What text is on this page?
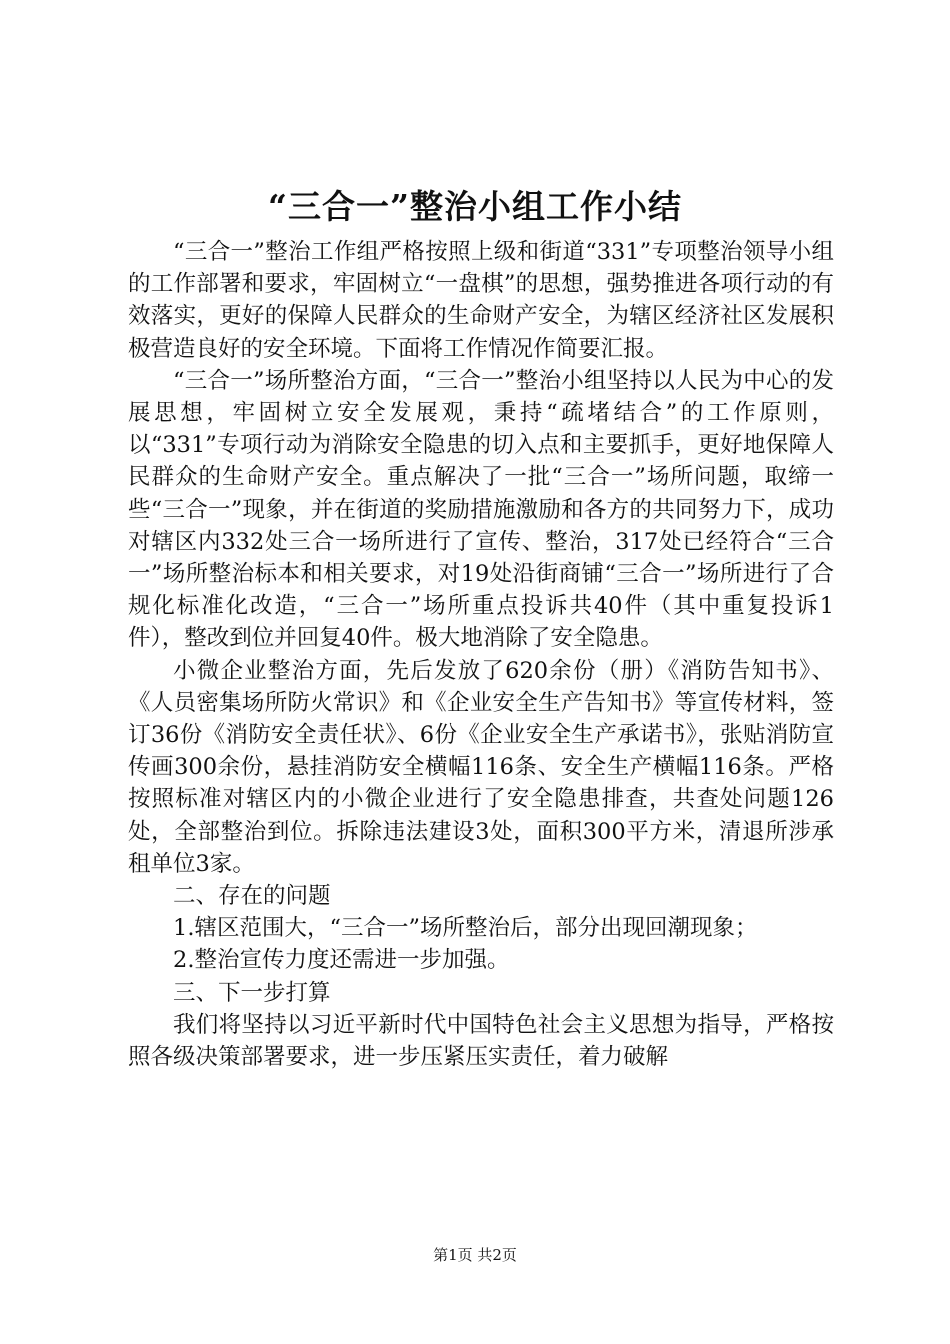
“三合一”整治小组工作小结

“三合一”整治工作组严格按照上级和街道“331”专项整治领导小组的工作部署和要求，牢固树立“一盘棋”的思想，强势推进各项行动的有效落实，更好的保障人民群众的生命财产安全，为辖区经济社区发展积极营造良好的安全环境。下面将工作情况作简要汇报。

“三合一”场所整治方面，“三合一”整治小组坚持以人民为中心的发展思想，牢固树立安全发展观，秉持“疏堵结合”的工作原则，以“331”专项行动为消除安全隐患的切入点和主要抓手，更好地保障人民群众的生命财产安全。重点解决了一批“三合一”场所问题，取缔一些“三合一”现象，并在街道的奖励措施激励和各方的共同努力下，成功对辖区内332处三合一场所进行了宣传、整治，317处已经符合“三合一”场所整治标本和相关要求，对19处沿街商铺“三合一”场所进行了合规化标准化改造，“三合一”场所重点投诉共40件（其中重复投诉1件），整改到位并回复40件。极大地消除了安全隐患。

小微企业整治方面，先后发放了620余份（册）《消防告知书》、《人员密集场所防火常识》和《企业安全生产告知书》等宣传材料，签订36份《消防安全责任状》、6份《企业安全生产承诺书》，张贴消防宣传画300余份，悬挂消防安全横幅116条、安全生产横幅116条。严格按照标准对辖区内的小微企业进行了安全隐患排查，共查处问题126处，全部整治到位。拆除违法建设3处，面积300平方米，清退所涉承租单位3家。

二、存在的问题

1.辖区范围大，“三合一”场所整治后，部分出现回潮现象；

2.整治宣传力度还需进一步加强。

三、下一步打算

我们将坚持以习近平新时代中国特色社会主义思想为指导，严格按照各级决策部署要求，进一步压紧压实责任，着力破解

第1页 共2页
